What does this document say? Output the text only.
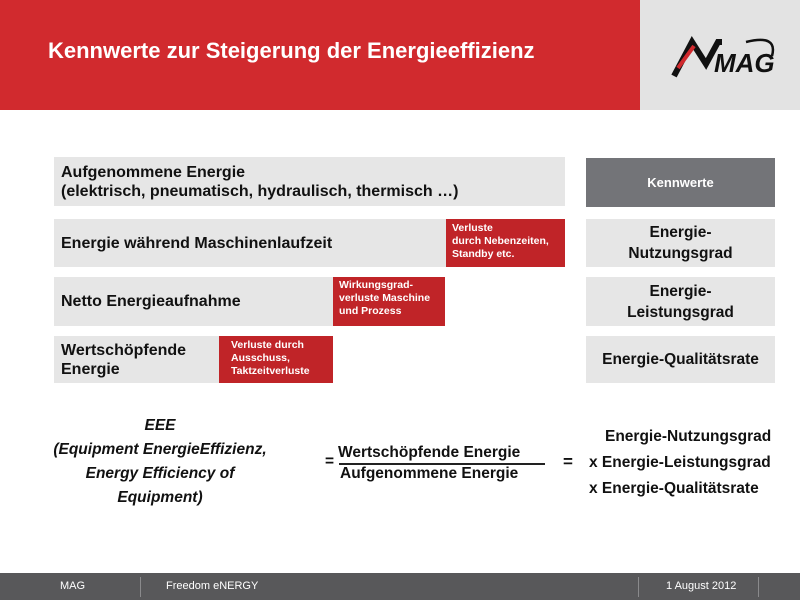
Kennwerte zur Steigerung der Energieeffizienz	MAG
Aufgenommene Energie
(elektrisch, pneumatisch, hydraulisch, thermisch …)
Energie während Maschinenlaufzeit
Netto Energieaufnahme
Wertschöpfende
Energie
Verluste
durch Nebenzeiten,
Standby etc.
Wirkungsgrad-
verluste Maschine
und Prozess
Verluste durch
Ausschuss,
Taktzeitverluste
Kennwerte
Energie-
Nutzungsgrad
Energie-
Leistungsgrad
Energie-Qualitätsrate
EEE
(Equipment EnergieEffizienz,
Energy Efficiency of
Equipment)
=
Wertschöpfende Energie
Aufgenommene Energie
=
Energie-Nutzungsgrad
x Energie-Leistungsgrad
x Energie-Qualitätsrate
MAG	Freedom eNERGY	1 August 2012
